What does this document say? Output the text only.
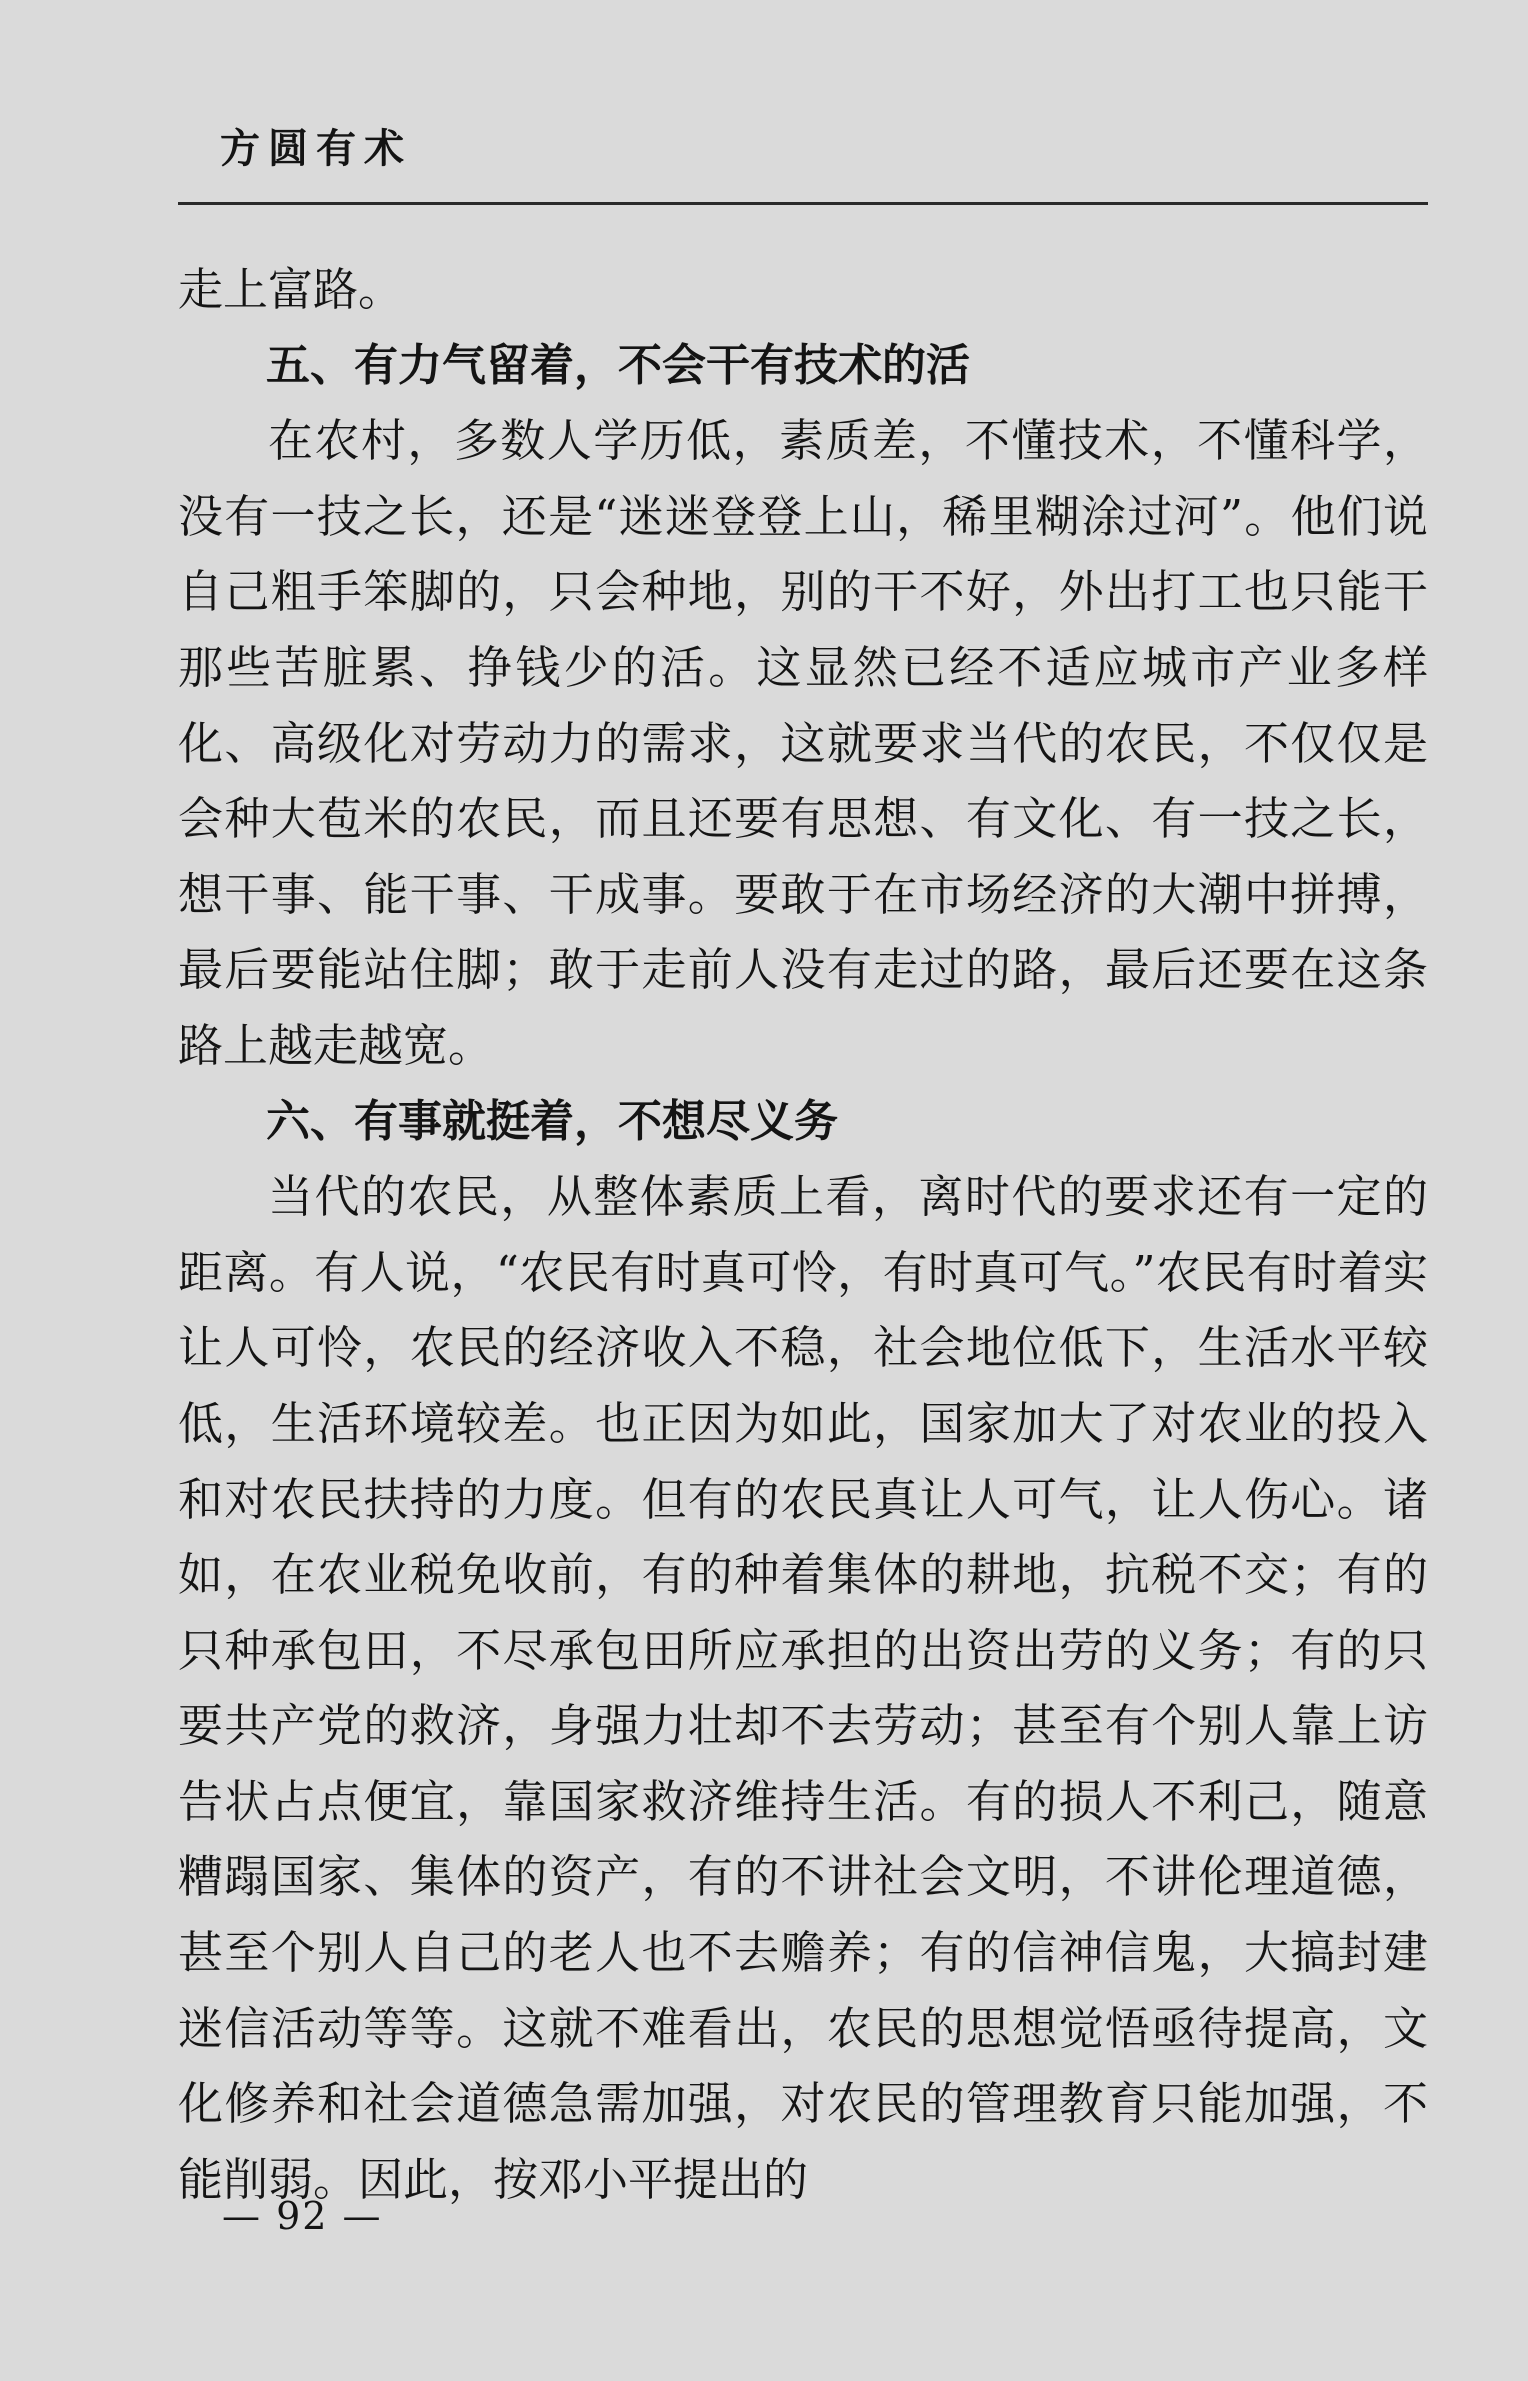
方圆有术

走上富路。

五、有力气留着，不会干有技术的活

在农村，多数人学历低，素质差，不懂技术，不懂科学，没有一技之长，还是“迷迷登登上山，稀里糊涂过河”。他们说自己粗手笨脚的，只会种地，别的干不好，外出打工也只能干那些苦脏累、挣钱少的活。这显然已经不适应城市产业多样化、高级化对劳动力的需求，这就要求当代的农民，不仅仅是会种大苞米的农民，而且还要有思想、有文化、有一技之长，想干事、能干事、干成事。要敢于在市场经济的大潮中拼搏，最后要能站住脚；敢于走前人没有走过的路，最后还要在这条路上越走越宽。

六、有事就挺着，不想尽义务

当代的农民，从整体素质上看，离时代的要求还有一定的距离。有人说，“农民有时真可怜，有时真可气。”农民有时着实让人可怜，农民的经济收入不稳，社会地位低下，生活水平较低，生活环境较差。也正因为如此，国家加大了对农业的投入和对农民扶持的力度。但有的农民真让人可气，让人伤心。诸如，在农业税免收前，有的种着集体的耕地，抗税不交；有的只种承包田，不尽承包田所应承担的出资出劳的义务；有的只要共产党的救济，身强力壮却不去劳动；甚至有个别人靠上访告状占点便宜，靠国家救济维持生活。有的损人不利己，随意糟蹋国家、集体的资产，有的不讲社会文明，不讲伦理道德，甚至个别人自己的老人也不去赡养；有的信神信鬼，大搞封建迷信活动等等。这就不难看出，农民的思想觉悟亟待提高，文化修养和社会道德急需加强，对农民的管理教育只能加强，不能削弱。因此，按邓小平提出的

— 92 —
